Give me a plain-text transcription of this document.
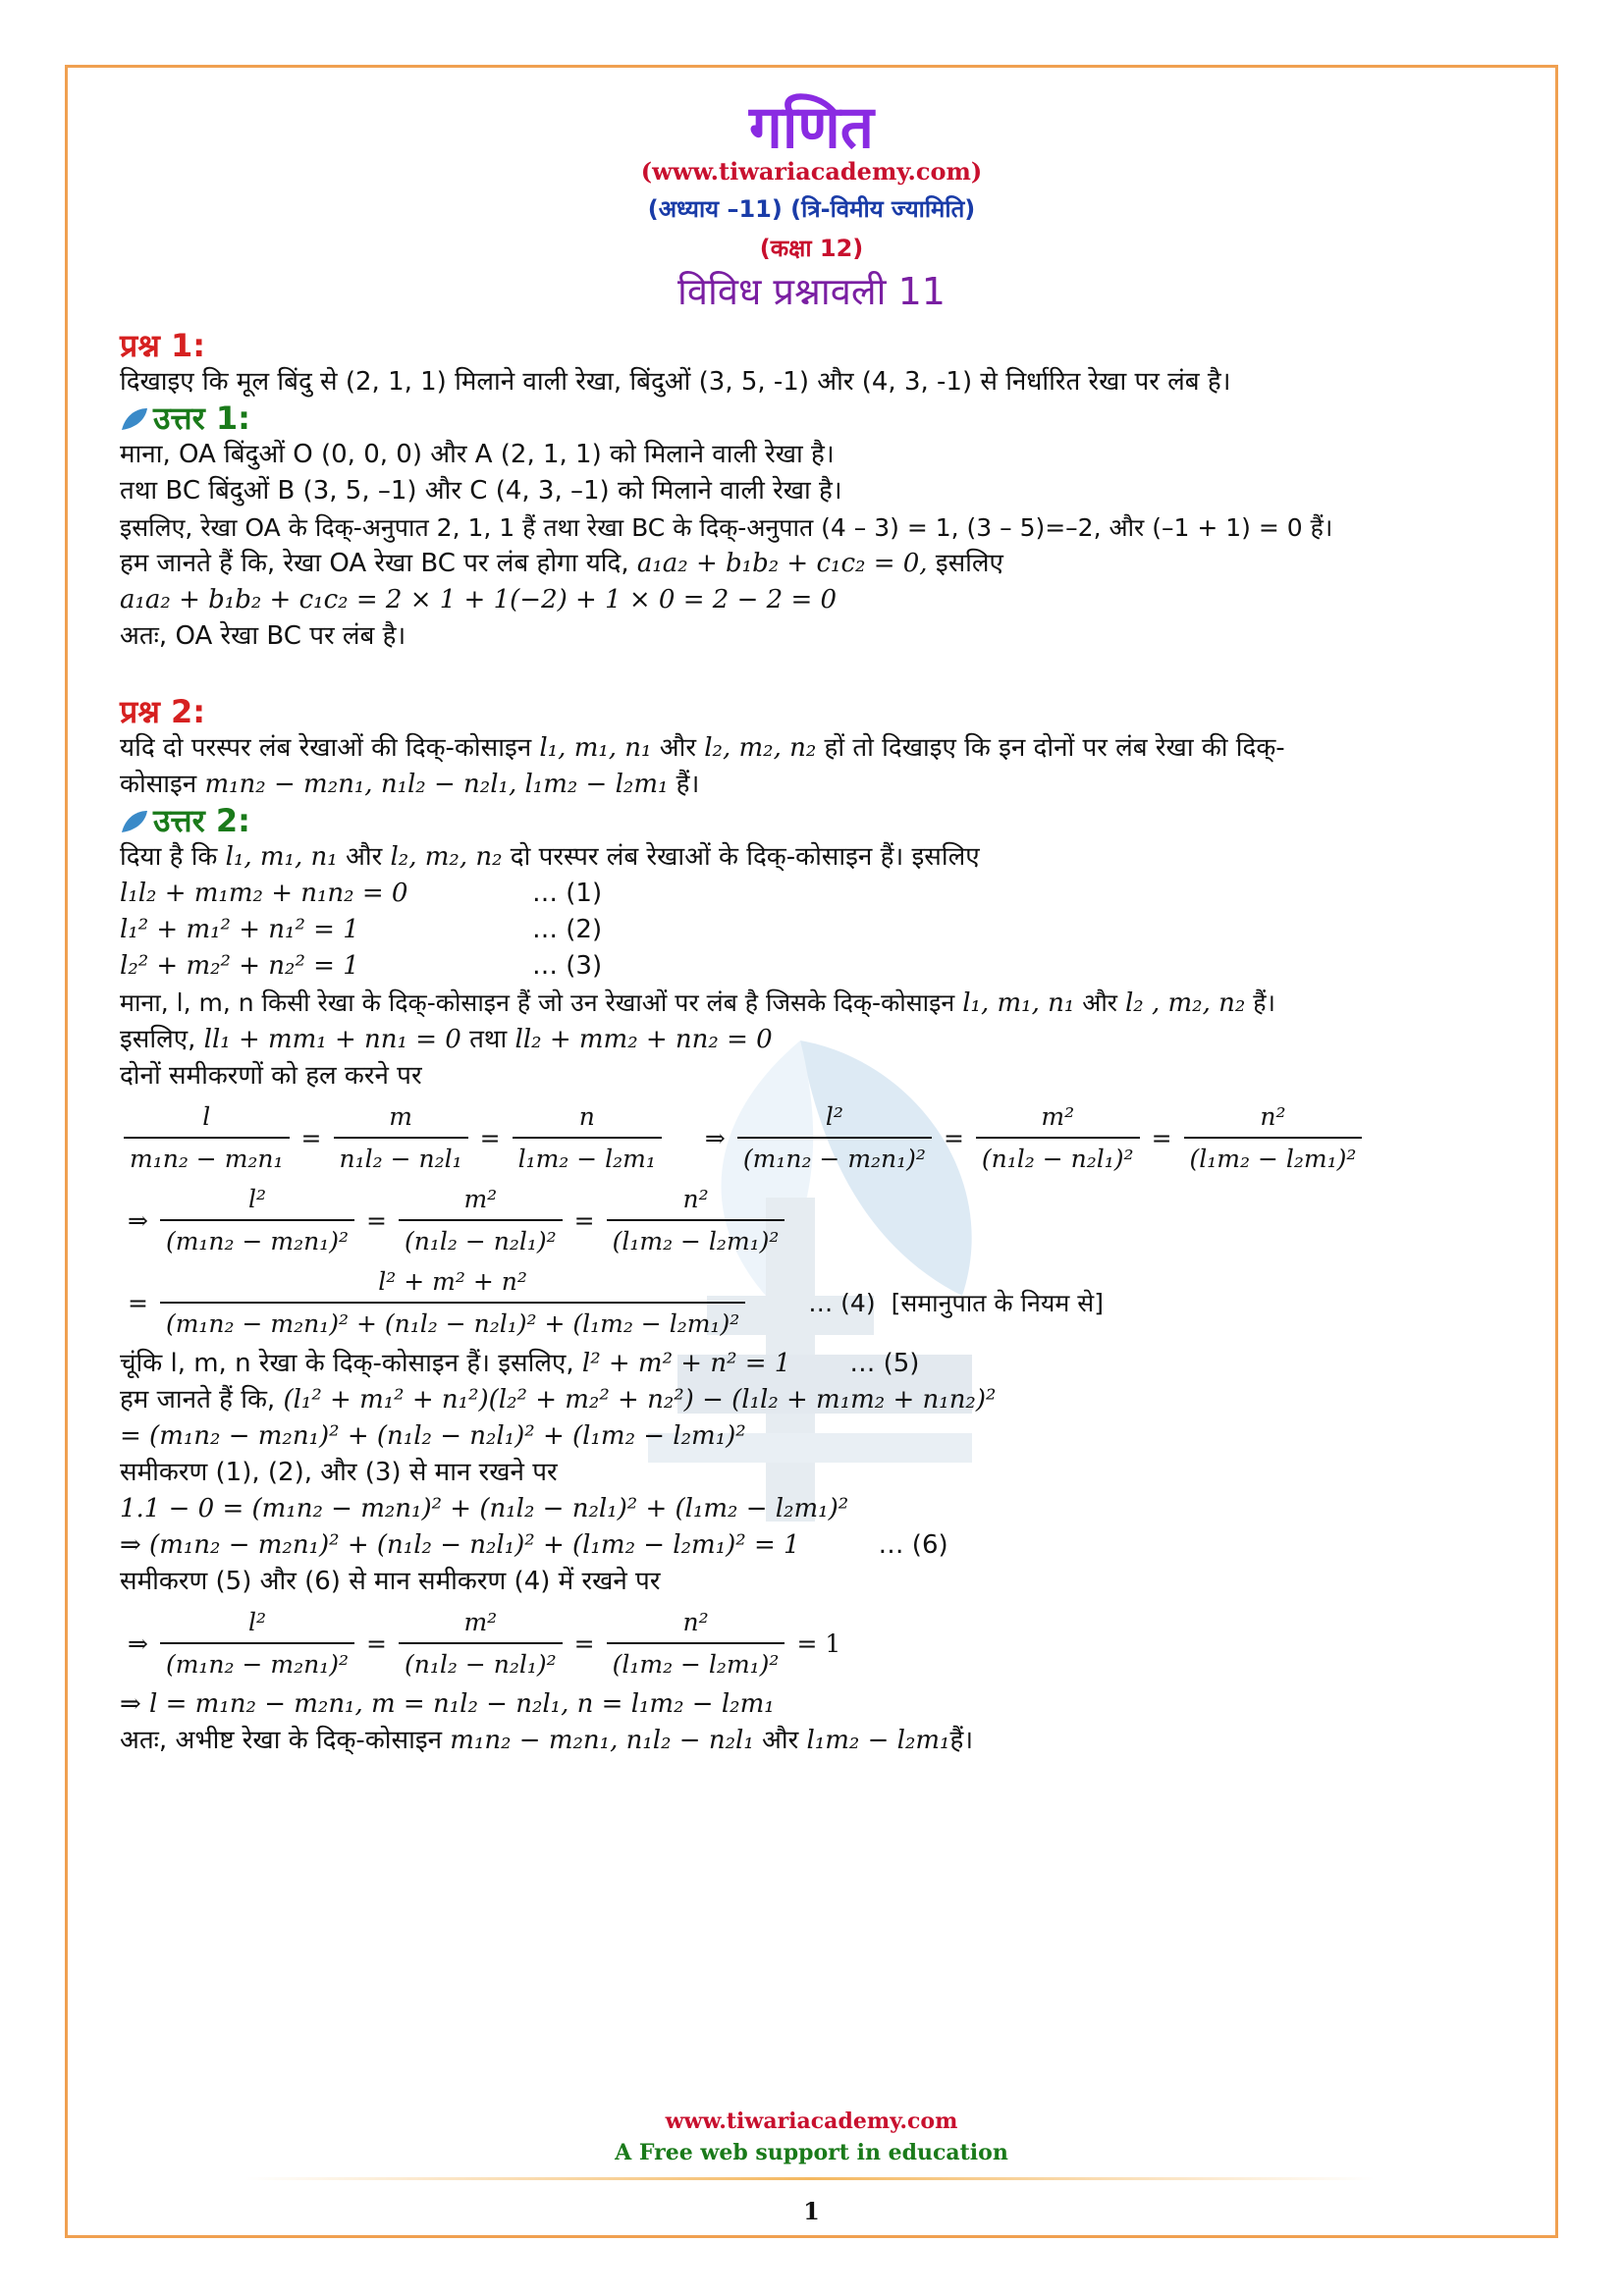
गणित
(www.tiwariacademy.com)
(अध्याय –11) (त्रि-विमीय ज्यामिति)
(कक्षा 12)
विविध प्रश्नावली 11
प्रश्न 1:
दिखाइए कि मूल बिंदु से (2, 1, 1) मिलाने वाली रेखा, बिंदुओं (3, 5, -1) और (4, 3, -1) से निर्धारित रेखा पर लंब है।
उत्तर 1:
माना, OA बिंदुओं O (0, 0, 0) और A (2, 1, 1) को मिलाने वाली रेखा है।
तथा BC बिंदुओं B (3, 5, –1) और C (4, 3, –1) को मिलाने वाली रेखा है।
इसलिए, रेखा OA के दिक्-अनुपात 2, 1, 1 हैं तथा रेखा BC के दिक्-अनुपात (4 – 3) = 1, (3 – 5)=–2, और (–1 + 1) = 0 हैं।
हम जानते हैं कि, रेखा OA रेखा BC पर लंब होगा यदि, a₁a₂ + b₁b₂ + c₁c₂ = 0, इसलिए
a₁a₂ + b₁b₂ + c₁c₂ = 2 × 1 + 1(−2) + 1 × 0 = 2 − 2 = 0
अतः, OA रेखा BC पर लंब है।
प्रश्न 2:
यदि दो परस्पर लंब रेखाओं की दिक्-कोसाइन l₁, m₁, n₁ और l₂, m₂, n₂ हों तो दिखाइए कि इन दोनों पर लंब रेखा की दिक्-
कोसाइन m₁n₂ − m₂n₁, n₁l₂ − n₂l₁, l₁m₂ − l₂m₁ हैं।
उत्तर 2:
दिया है कि l₁, m₁, n₁ और l₂, m₂, n₂ दो परस्पर लंब रेखाओं के दिक्-कोसाइन हैं। इसलिए
l₁l₂ + m₁m₂ + n₁n₂ = 0	… (1)
l₁² + m₁² + n₁² = 1	… (2)
l₂² + m₂² + n₂² = 1	… (3)
माना, l, m, n किसी रेखा के दिक्-कोसाइन हैं जो उन रेखाओं पर लंब है जिसके दिक्-कोसाइन l₁, m₁, n₁ और l₂ , m₂, n₂ हैं।
इसलिए, ll₁ + mm₁ + nn₁ = 0 तथा ll₂ + mm₂ + nn₂ = 0
दोनों समीकरणों को हल करने पर
$\frac{l}{\text{m₁n₂ − m₂n₁}} = \frac{m}{\text{n₁l₂ − n₂l₁}} = \frac{n}{\text{l₁m₂ − l₂m₁}}$ ⇒ $\frac{\text{l²}}{\text{(m₁n₂ − m₂n₁)²}} = \frac{\text{m²}}{\text{(n₁l₂ − n₂l₁)²}} = \frac{\text{n²}}{\text{(l₁m₂ − l₂m₁)²}}$
⇒ $\frac{\text{l²}}{\text{(m₁n₂ − m₂n₁)²}} = \frac{\text{m²}}{\text{(n₁l₂ − n₂l₁)²}} = \frac{\text{n²}}{\text{(l₁m₂ − l₂m₁)²}}$
= $\frac{\text{l² + m² + n²}}{\text{(m₁n₂ − m₂n₁)² + (n₁l₂ − n₂l₁)² + (l₁m₂ − l₂m₁)²}}$	… (4) [समानुपात के नियम से]
चूंकि l, m, n रेखा के दिक्-कोसाइन हैं। इसलिए, l² + m² + n² = 1 … (5)
हम जानते हैं कि, (l₁² + m₁² + n₁²)(l₂² + m₂² + n₂²) − (l₁l₂ + m₁m₂ + n₁n₂)²
= (m₁n₂ − m₂n₁)² + (n₁l₂ − n₂l₁)² + (l₁m₂ − l₂m₁)²
समीकरण (1), (2), और (3) से मान रखने पर
1.1 − 0 = (m₁n₂ − m₂n₁)² + (n₁l₂ − n₂l₁)² + (l₁m₂ − l₂m₁)²
⇒ (m₁n₂ − m₂n₁)² + (n₁l₂ − n₂l₁)² + (l₁m₂ − l₂m₁)² = 1	… (6)
समीकरण (5) और (6) से मान समीकरण (4) में रखने पर
⇒ $\frac{\text{l²}}{\text{(m₁n₂ − m₂n₁)²}} = \frac{\text{m²}}{\text{(n₁l₂ − n₂l₁)²}} = \frac{\text{n²}}{\text{(l₁m₂ − l₂m₁)²}} = 1$
⇒ l = m₁n₂ − m₂n₁, m = n₁l₂ − n₂l₁, n = l₁m₂ − l₂m₁
अतः, अभीष्ट रेखा के दिक्-कोसाइन m₁n₂ − m₂n₁, n₁l₂ − n₂l₁ और l₁m₂ − l₂m₁हैं।
www.tiwariacademy.com
A Free web support in education
1
